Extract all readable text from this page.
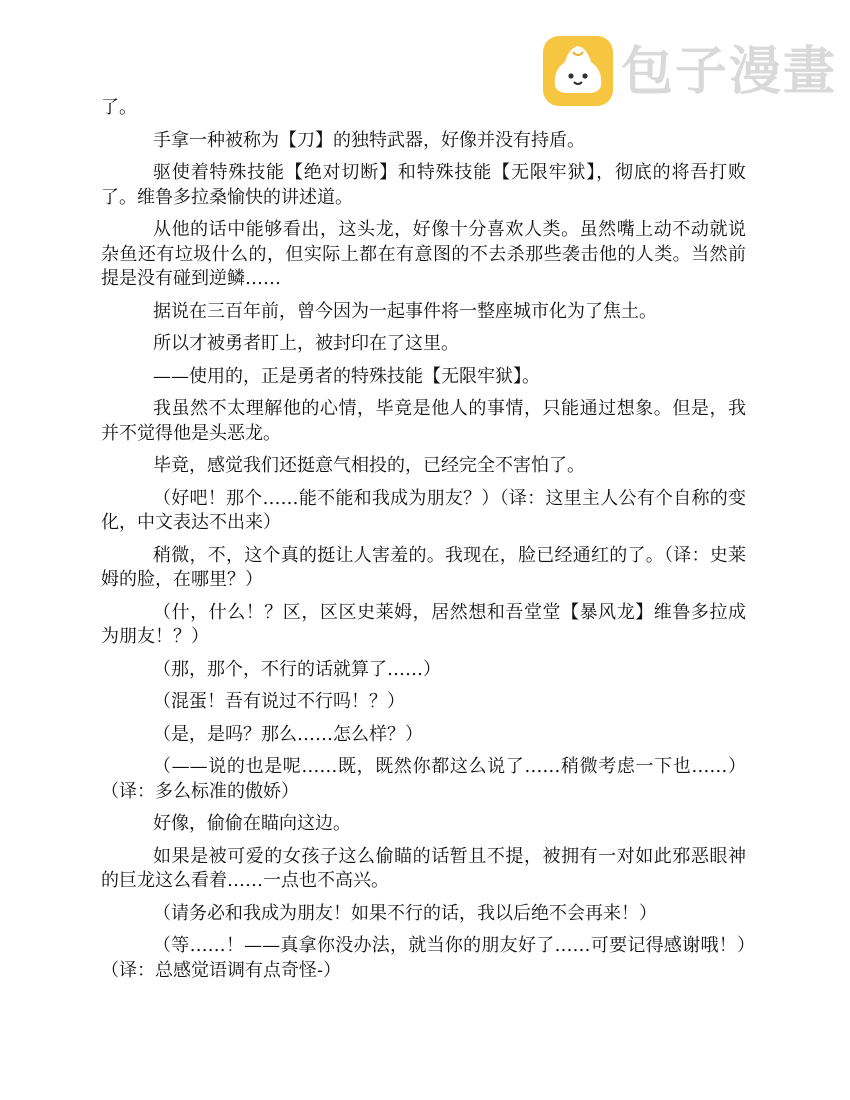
包子漫畫

了。

手拿一种被称为【刀】的独特武器，好像并没有持盾。

驱使着特殊技能【绝对切断】和特殊技能【无限牢狱】，彻底的将吾打败了。维鲁多拉桑愉快的讲述道。

从他的话中能够看出，这头龙，好像十分喜欢人类。虽然嘴上动不动就说杂鱼还有垃圾什么的，但实际上都在有意图的不去杀那些袭击他的人类。当然前提是没有碰到逆鳞……

据说在三百年前，曾今因为一起事件将一整座城市化为了焦土。

所以才被勇者盯上，被封印在了这里。

——使用的，正是勇者的特殊技能【无限牢狱】。

我虽然不太理解他的心情，毕竟是他人的事情，只能通过想象。但是，我并不觉得他是头恶龙。

毕竟，感觉我们还挺意气相投的，已经完全不害怕了。

（好吧！那个……能不能和我成为朋友？）（译：这里主人公有个自称的变化，中文表达不出来）

稍微，不，这个真的挺让人害羞的。我现在，脸已经通红的了。（译：史莱姆的脸，在哪里？）

（什，什么！？区，区区史莱姆，居然想和吾堂堂【暴风龙】维鲁多拉成为朋友！？）

（那，那个，不行的话就算了……）

（混蛋！吾有说过不行吗！？）

（是，是吗？那么……怎么样？）

（——说的也是呢……既，既然你都这么说了……稍微考虑一下也……）（译：多么标准的傲娇）

好像，偷偷在瞄向这边。

如果是被可爱的女孩子这么偷瞄的话暂且不提，被拥有一对如此邪恶眼神的巨龙这么看着……一点也不高兴。

（请务必和我成为朋友！如果不行的话，我以后绝不会再来！）

（等……！——真拿你没办法，就当你的朋友好了……可要记得感谢哦！）（译：总感觉语调有点奇怪-）
